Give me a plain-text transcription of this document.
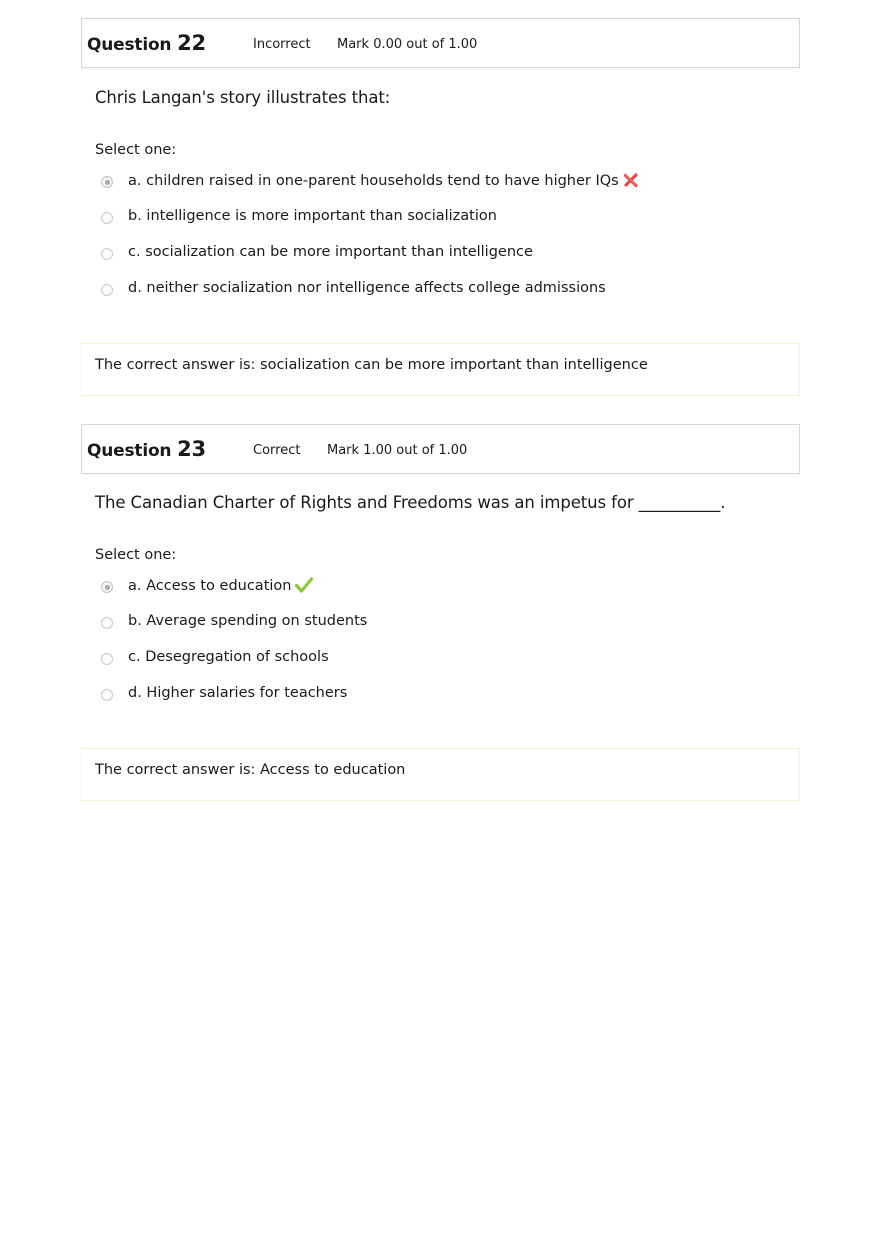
Question 22	Incorrect Mark 0.00 out of 1.00
Chris Langan's story illustrates that:
Select one:
a. children raised in one-parent households tend to have higher IQs
b. intelligence is more important than socialization
c. socialization can be more important than intelligence
d. neither socialization nor intelligence affects college admissions
The correct answer is: socialization can be more important than intelligence
Question 23	Correct Mark 1.00 out of 1.00
The Canadian Charter of Rights and Freedoms was an impetus for __________.
Select one:
a. Access to education
b. Average spending on students
c. Desegregation of schools
d. Higher salaries for teachers
The correct answer is: Access to education
